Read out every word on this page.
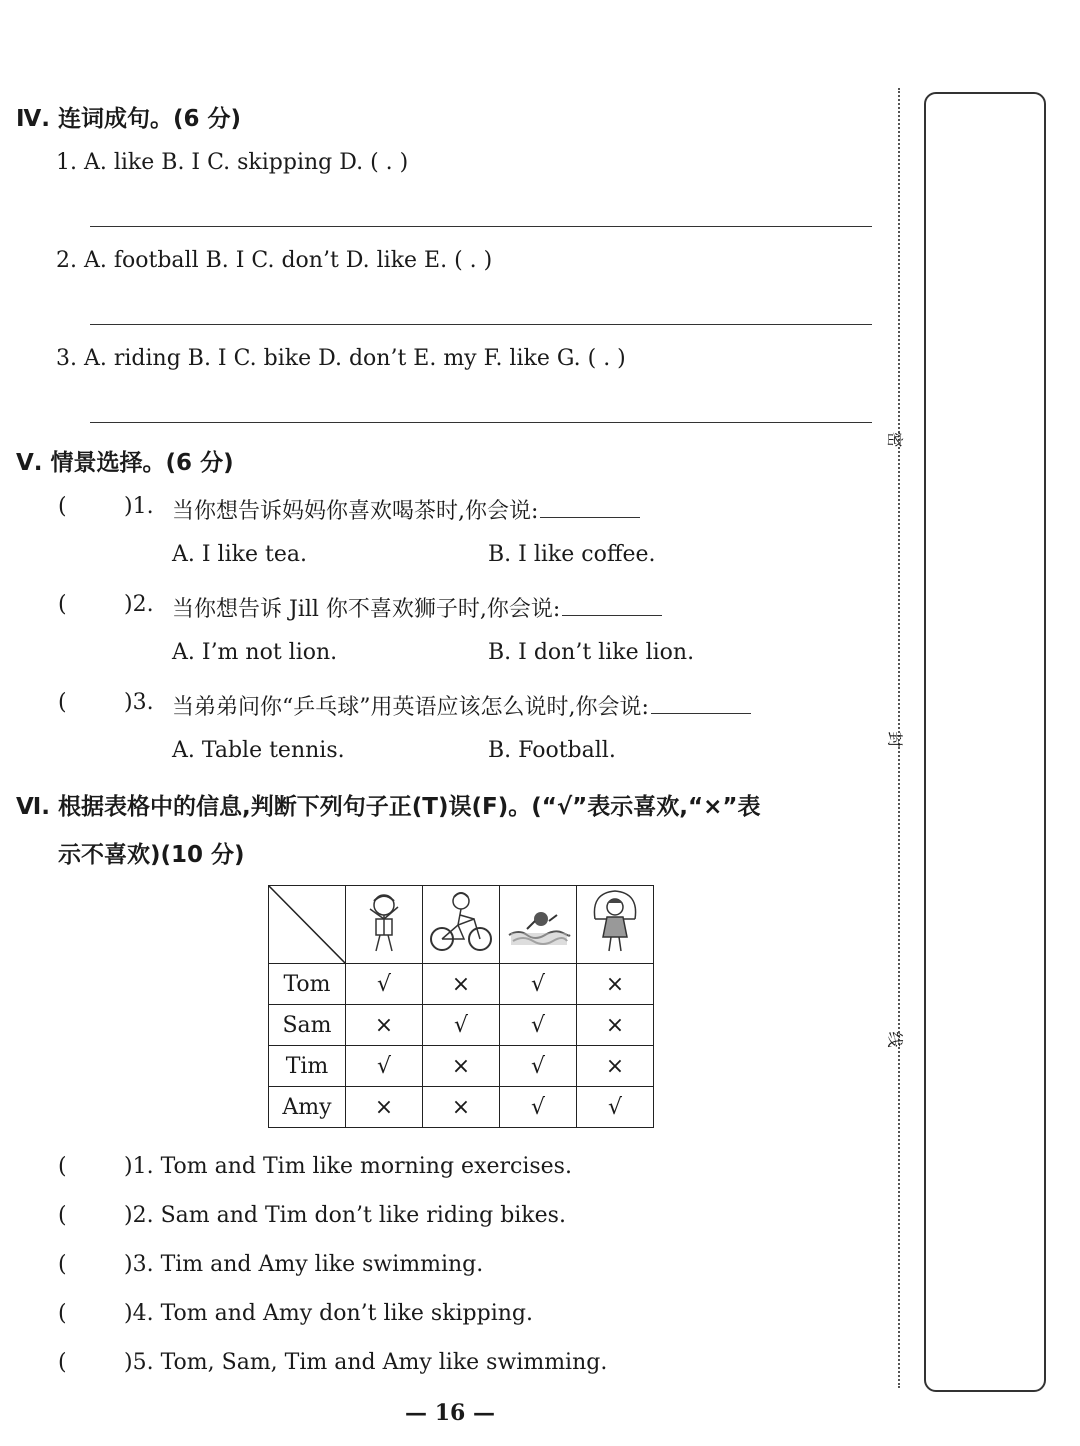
Ⅳ. 连词成句。(6 分)
1. A. like B. I C. skipping D. ( . )
2. A. football B. I C. don’t D. like E. ( . )
3. A. riding B. I C. bike D. don’t E. my F. like G. ( . )
Ⅴ. 情景选择。(6 分)
(	)1. 当你想告诉妈妈你喜欢喝茶时,你会说:
A. I like tea.	B. I like coffee.
(	)2. 当你想告诉 Jill 你不喜欢狮子时,你会说:
A. I’m not lion.	B. I don’t like lion.
(	)3. 当弟弟问你“乒乓球”用英语应该怎么说时,你会说:
A. Table tennis.	B. Football.
Ⅵ. 根据表格中的信息,判断下列句子正(T)误(F)。(“√”表示喜欢,“×”表
示不喜欢)(10 分)

Tom	√	×	√	×
Sam	×	√	√	×
Tim	√	×	√	×
Amy	×	×	√	√
(	)1. Tom and Tim like morning exercises.
(	)2. Sam and Tim don’t like riding bikes.
(	)3. Tim and Amy like swimming.
(	)4. Tom and Amy don’t like skipping.
(	)5. Tom, Sam, Tim and Amy like swimming.
密
封
线
— 16 —
